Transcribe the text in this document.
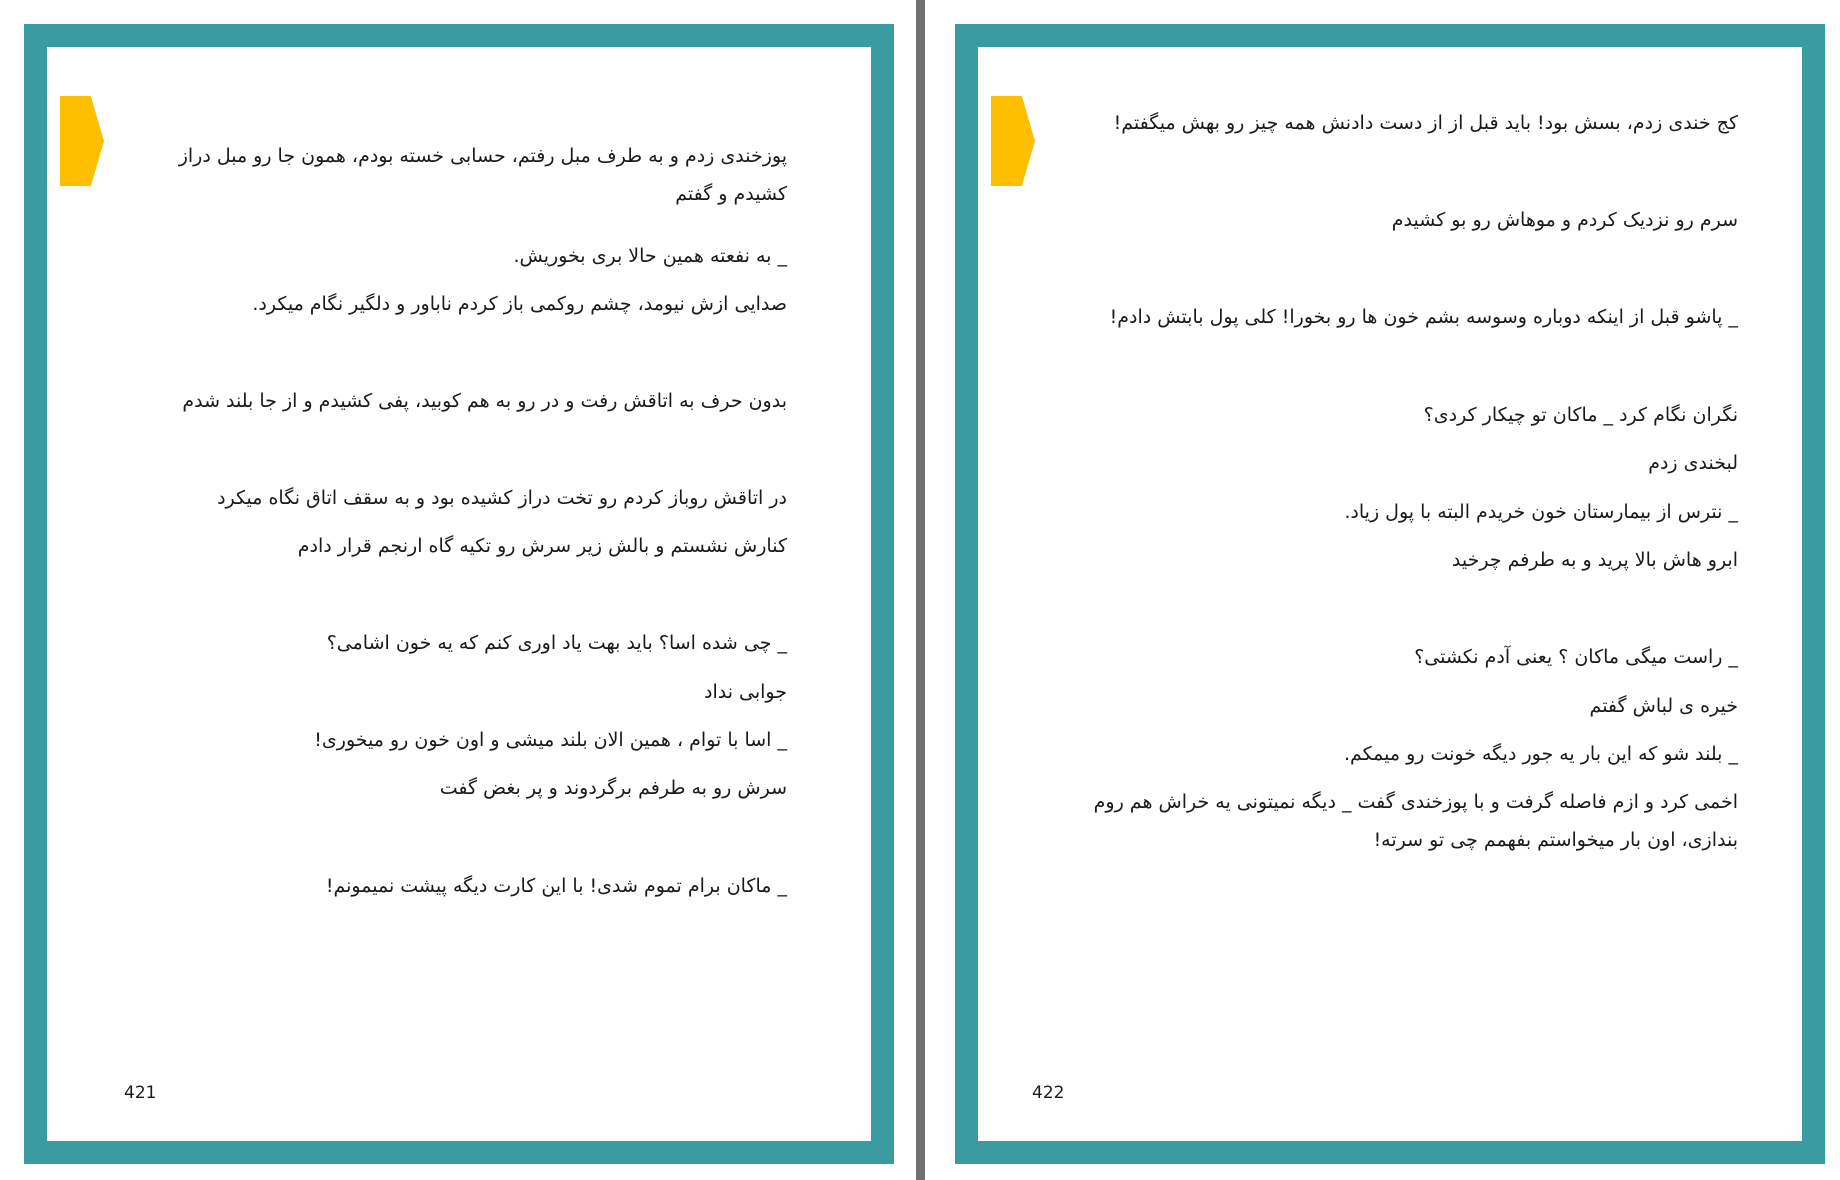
پوزخندی زدم و به طرف مبل رفتم، حسابی خسته بودم، همون جا رو مبل دراز کشیدم و گفتم
_ به نفعته همین حالا بری بخوریش.
صدایی ازش نیومد، چشم روکمی باز کردم ناباور و دلگیر نگام میکرد.
بدون حرف به اتاقش رفت و در رو به هم کوبید، پفی کشیدم و از جا بلند شدم
در اتاقش روباز کردم رو تخت دراز کشیده بود و به سقف اتاق نگاه میکرد
کنارش نشستم و بالش زیر سرش رو تکیه گاه ارنجم قرار دادم
_ چی شده اسا؟ باید بهت یاد اوری کنم که یه خون اشامی؟
جوابی نداد
_ اسا با توام ، همین الان بلند میشی و اون خون رو میخوری!
سرش رو به طرفم برگردوند و پر بغض گفت
_ ماکان برام تموم شدی! با این کارت دیگه پیشت نمیمونم!
421
کج خندی زدم، بسش بود! باید قبل از از دست دادنش همه چیز رو بهش میگفتم!
سرم رو نزدیک کردم و موهاش رو بو کشیدم
_ پاشو قبل از اینکه دوباره وسوسه بشم خون ها رو بخورا! کلی پول بابتش دادم!
نگران نگام کرد _ ماکان تو چیکار کردی؟
لبخندی زدم
_ نترس از بیمارستان خون خریدم البته با پول زیاد.
ابرو هاش بالا پرید و به طرفم چرخید
_ راست میگی ماکان ؟ یعنی آدم نکشتی؟
خیره ی لباش گفتم
_ بلند شو که این بار یه جور دیگه خونت رو میمکم.
اخمی کرد و ازم فاصله گرفت و با پوزخندی گفت _ دیگه نمیتونی یه خراش هم روم بندازی، اون بار میخواستم بفهمم چی تو سرته!
422
